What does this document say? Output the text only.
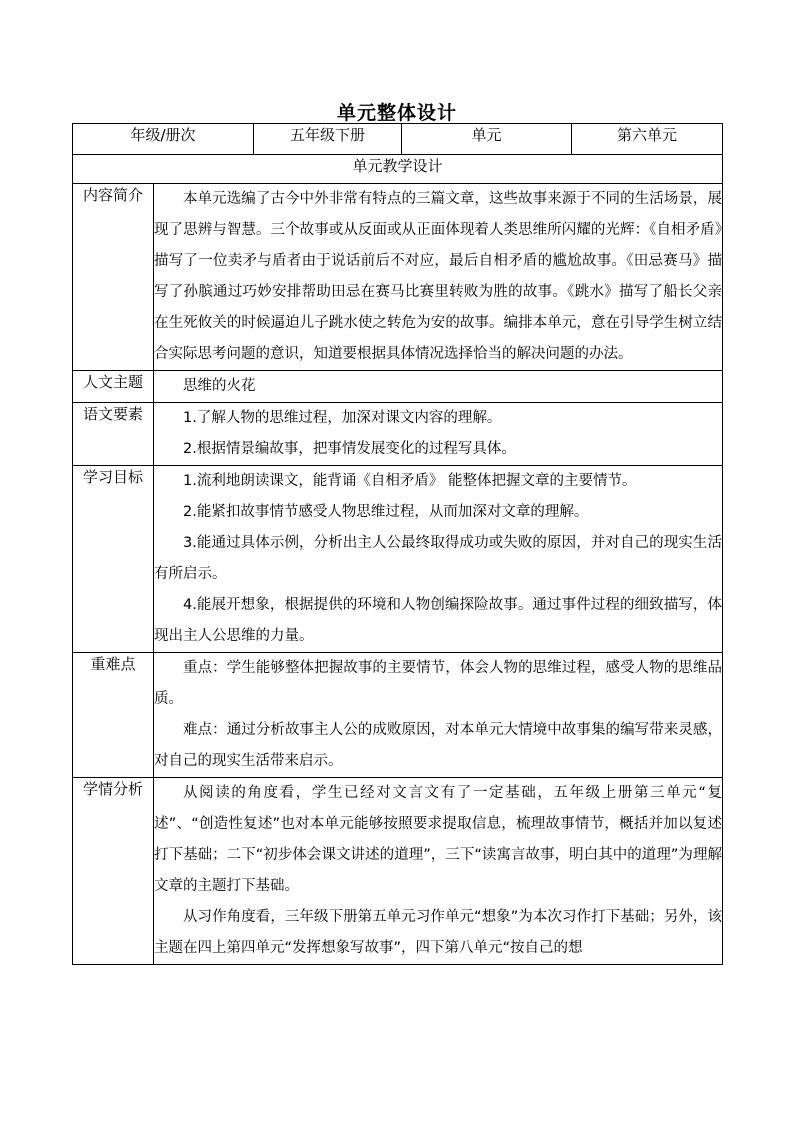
单元整体设计
年级/册次		五年级下册	单元	第六单元
单元教学设计				
内容简介	本单元选编了古今中外非常有特点的三篇文章，这些故事来源于不同的生活场景，展现了思辨与智慧。三个故事或从反面或从正面体现着人类思维所闪耀的光辉：《自相矛盾》描写了一位卖矛与盾者由于说话前后不对应，最后自相矛盾的尴尬故事。《田忌赛马》描写了孙膑通过巧妙安排帮助田忌在赛马比赛里转败为胜的故事。《跳水》描写了船长父亲在生死攸关的时候逼迫儿子跳水使之转危为安的故事。编排本单元，意在引导学生树立结合实际思考问题的意识，知道要根据具体情况选择恰当的解决问题的办法。			

人文主题	思维的火花			

语文要素	1.了解人物的思维过程，加深对课文内容的理解。

2.根据情景编故事，把事情发展变化的过程写具体。			

学习目标	1.流利地朗读课文，能背诵《自相矛盾》 能整体把握文章的主要情节。

2.能紧扣故事情节感受人物思维过程，从而加深对文章的理解。

3.能通过具体示例，分析出主人公最终取得成功或失败的原因，并对自己的现实生活有所启示。

4.能展开想象，根据提供的环境和人物创编探险故事。通过事件过程的细致描写，体现出主人公思维的力量。			

重难点	重点：学生能够整体把握故事的主要情节，体会人物的思维过程，感受人物的思维品质。

难点：通过分析故事主人公的成败原因，对本单元大情境中故事集的编写带来灵感，对自己的现实生活带来启示。			

学情分析	从阅读的角度看，学生已经对文言文有了一定基础，五年级上册第三单元“复述”、“创造性复述”也对本单元能够按照要求提取信息，梳理故事情节，概括并加以复述打下基础；二下“初步体会课文讲述的道理”，三下“读寓言故事，明白其中的道理”为理解文章的主题打下基础。

从习作角度看，三年级下册第五单元习作单元“想象”为本次习作打下基础；另外，该主题在四上第四单元“发挥想象写故事”，四下第八单元“按自己的想			
